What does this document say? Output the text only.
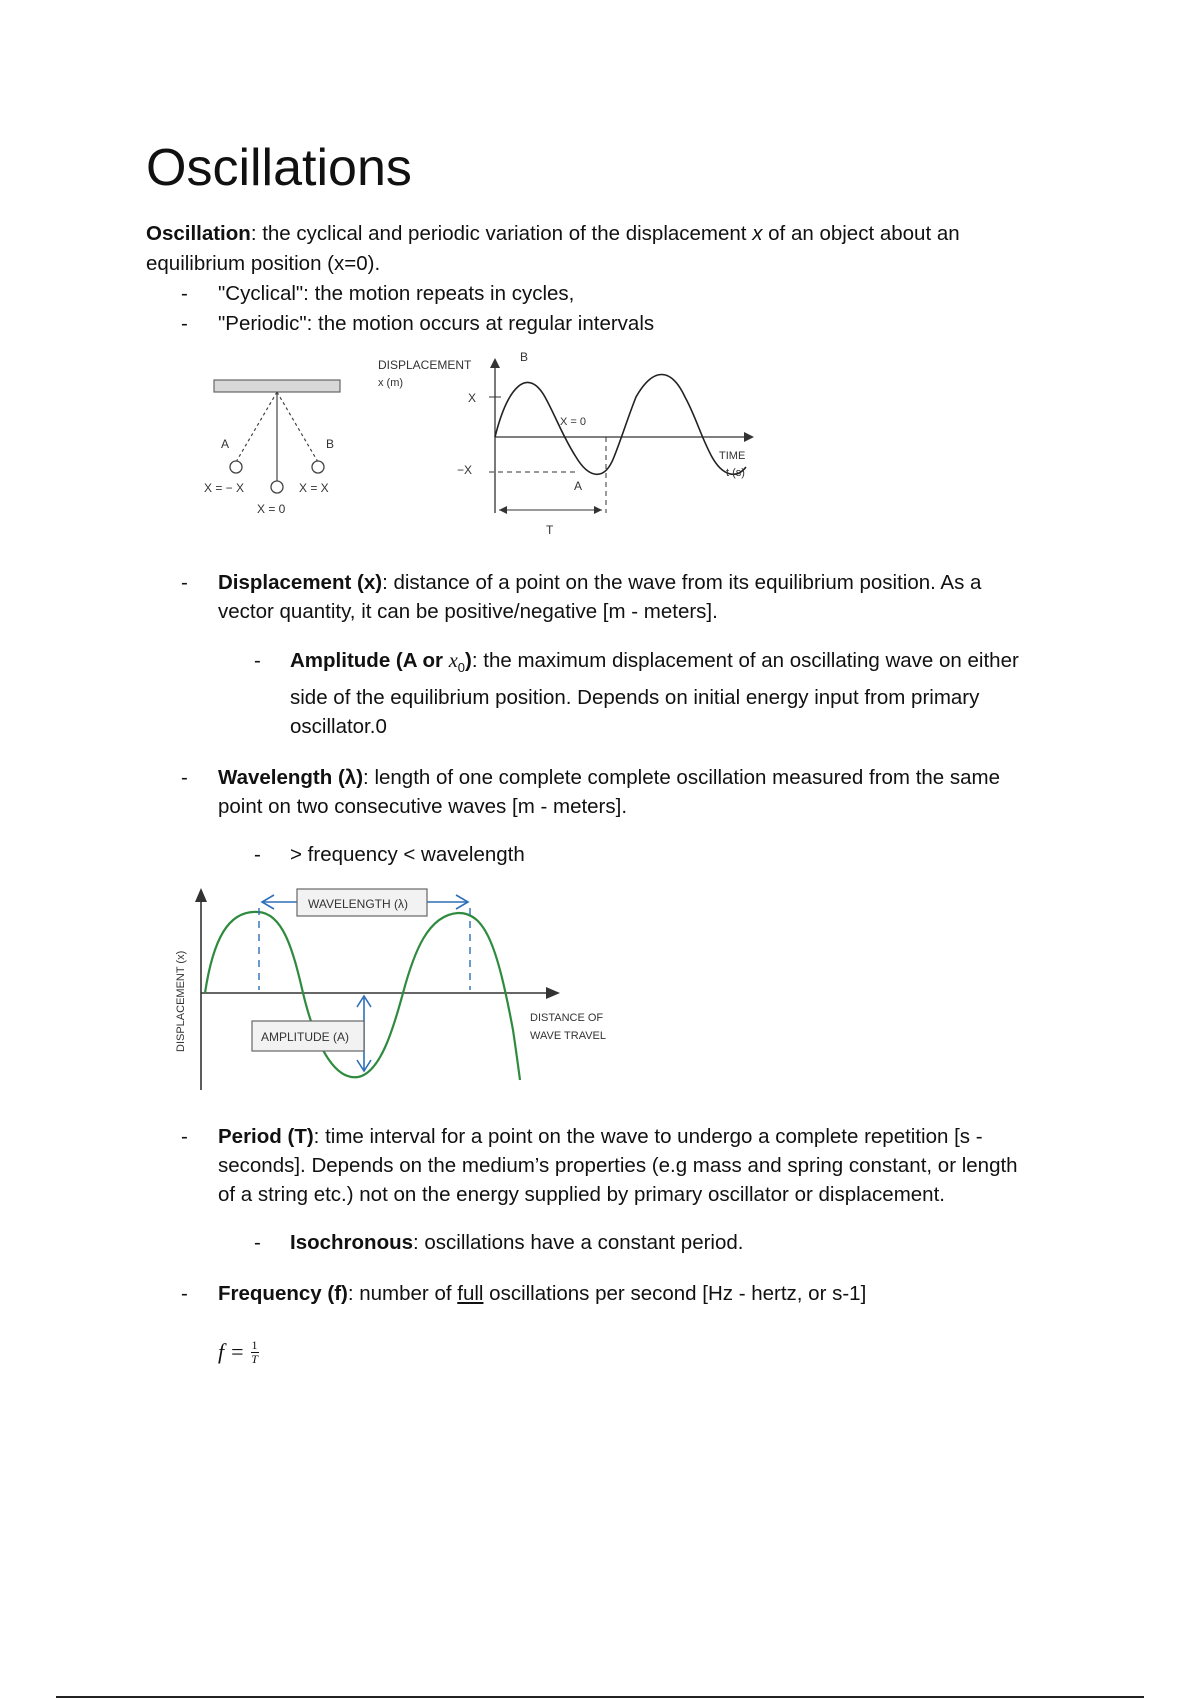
Oscillations
Oscillation: the cyclical and periodic variation of the displacement x of an object about an
equilibrium position (x=0).
- "Cyclical": the motion repeats in cycles,
- "Periodic": the motion occurs at regular intervals
A	B
X = − X	X = X
X = 0
DISPLACEMENT
x (m)
X
−X
B
X = 0
A
T
TIME
t (s)
- Displacement (x): distance of a point on the wave from its equilibrium position. As a
vector quantity, it can be positive/negative [m - meters].
- Amplitude (A or $x_0$): the maximum displacement of an oscillating wave on either
side of the equilibrium position. Depends on initial energy input from primary
oscillator.0
- Wavelength (λ): length of one complete complete oscillation measured from the same
point on two consecutive waves [m - meters].
- > frequency < wavelength
DISPLACEMENT (x)
WAVELENGTH (λ)
AMPLITUDE (A)
DISTANCE OF
WAVE TRAVEL
- Period (T): time interval for a point on the wave to undergo a complete repetition [s -
seconds]. Depends on the medium’s properties (e.g mass and spring constant, or length
of a string etc.) not on the energy supplied by primary oscillator or displacement.
- Isochronous: oscillations have a constant period.
- Frequency (f): number of full oscillations per second [Hz - hertz, or s-1]
$f = \frac{1}{T}$
